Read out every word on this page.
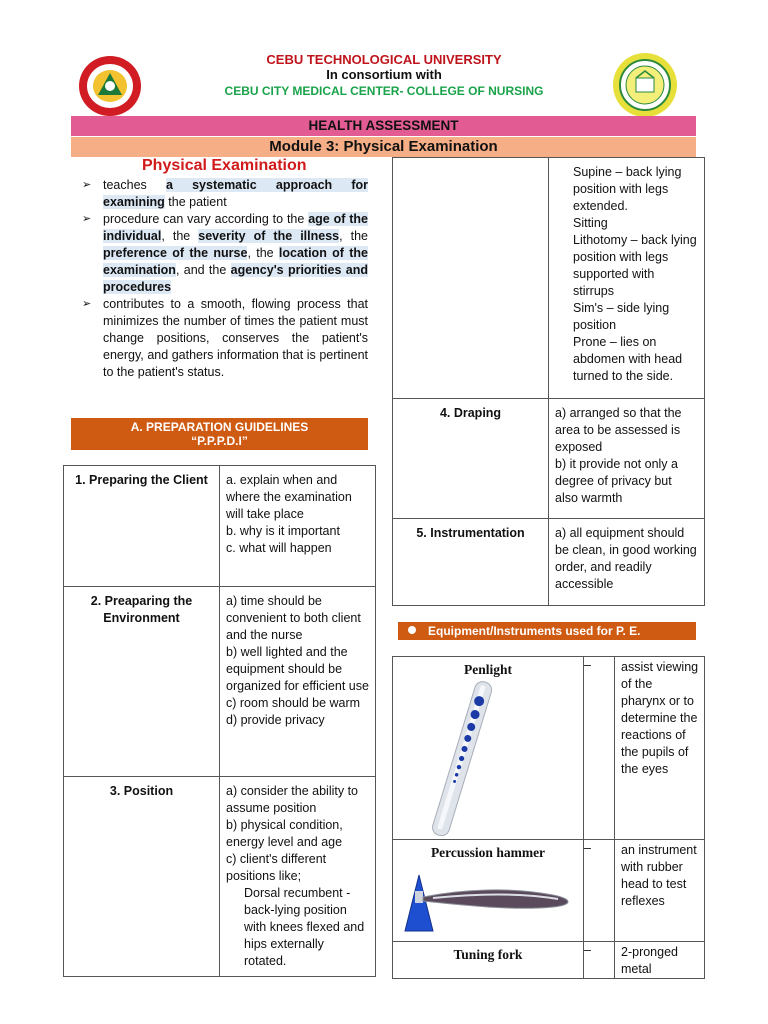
CEBU TECHNOLOGICAL UNIVERSITY
In consortium with
CEBU CITY MEDICAL CENTER- COLLEGE OF NURSING
HEALTH ASSESSMENT
Module 3: Physical Examination
Physical Examination
➢ teaches a systematic approach for examining the patient
➢ procedure can vary according to the age of the individual, the severity of the illness, the preference of the nurse, the location of the examination, and the agency's priorities and procedures
➢ contributes to a smooth, flowing process that minimizes the number of times the patient must change positions, conserves the patient's energy, and gathers information that is pertinent to the patient's status.
A. PREPARATION GUIDELINES
“P.P.P.D.I”
1. Preparing the Client	a. explain when and where the examination will take place
b. why is it important
c. what will happen

2. Preaparing the Environment	a) time should be convenient to both client and the nurse
b) well lighted and the equipment should be organized for efficient use
c) room should be warm
d) provide privacy

3. Position	a) consider the ability to assume position
b) physical condition, energy level and age
c) client's different positions like;
Dorsal recumbent - back-lying position with knees flexed and hips externally rotated.

	Supine – back lying position with legs extended.
Sitting
Lithotomy – back lying position with legs supported with stirrups
Sim's – side lying position
Prone – lies on abdomen with head turned to the side.

4. Draping	a) arranged so that the area to be assessed is exposed
b) it provide not only a degree of privacy but also warmth

5. Instrumentation	a) all equipment should be clean, in good working order, and readily accessible
Equipment/Instruments used for P. E.
Penlight	–	assist viewing of the pharynx or to determine the reactions of the pupils of the eyes

Percussion hammer	–	an instrument with rubber head to test reflexes

Tuning fork	–	2-pronged metal
